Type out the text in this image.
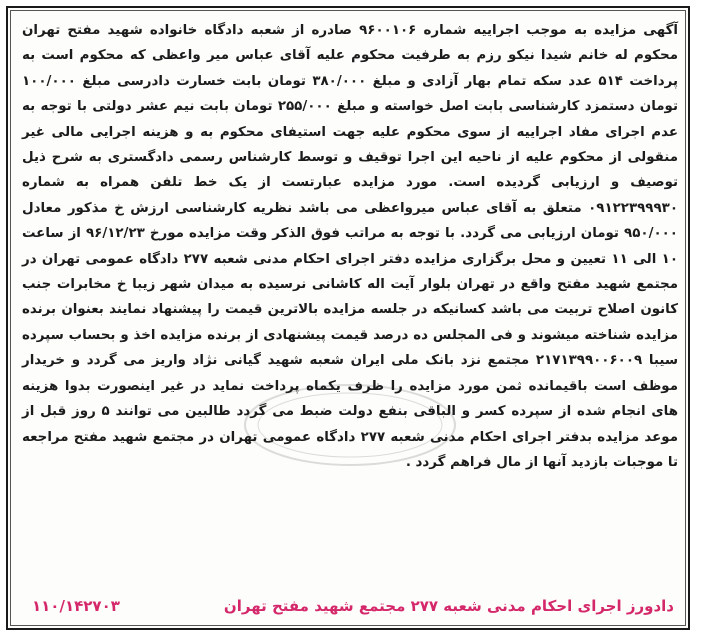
آگهی مزایده به موجب اجراییه شماره ۹۶۰۰۱۰۶ صادره از شعبه دادگاه خانواده شهید مفتح تهران محکوم له خانم شیدا نیکو رزم به طرفیت محکوم علیه آقای عباس میر واعظی که محکوم است به پرداخت ۵۱۴ عدد سکه تمام بهار آزادی و مبلغ ۳۸۰/۰۰۰ تومان بابت خسارت دادرسی مبلغ ۱۰۰/۰۰۰ تومان دستمزد کارشناسی بابت اصل خواسته و مبلغ ۲۵۵/۰۰۰ تومان بابت نیم عشر دولتی با توجه به عدم اجرای مفاد اجراییه از سوی محکوم علیه جهت استیفای محکوم به و هزینه اجرایی مالی غیر منقولی از محکوم علیه از ناحیه این اجرا توقیف و توسط کارشناس رسمی دادگستری به شرح ذیل توصیف و ارزیابی گردیده است. مورد مزایده عبارتست از یک خط تلفن همراه به شماره ۰۹۱۲۲۳۹۹۹۳۰ متعلق به آقای عباس میرواعظی می باشد نظریه کارشناسی ارزش خ مذکور معادل ۹۵۰/۰۰۰ تومان ارزیابی می گردد. با توجه به مراتب فوق الذکر وقت مزایده مورخ ۹۶/۱۲/۲۳ از ساعت ۱۰ الی ۱۱ تعیین و محل برگزاری مزایده دفتر اجرای احکام مدنی شعبه ۲۷۷ دادگاه عمومی تهران در مجتمع شهید مفتح واقع در تهران بلوار آیت اله کاشانی نرسیده به میدان شهر زیبا خ مخابرات جنب کانون اصلاح تربیت می باشد کسانیکه در جلسه مزایده بالاترین قیمت را پیشنهاد نمایند بعنوان برنده مزایده شناخته میشوند و فی المجلس ده درصد قیمت پیشنهادی از برنده مزایده اخذ و بحساب سپرده سیبا ۲۱۷۱۳۹۹۰۰۶۰۰۹ مجتمع نزد بانک ملی ایران شعبه شهید گیانی نژاد واریز می گردد و خریدار موظف است باقیمانده ثمن مورد مزایده را ظرف یکماه پرداخت نماید در غیر اینصورت بدوا هزینه های انجام شده از سپرده کسر و الباقی بنفع دولت ضبط می گردد طالبین می توانند ۵ روز قبل از موعد مزایده بدفتر اجرای احکام مدنی شعبه ۲۷۷ دادگاه عمومی تهران در مجتمع شهید مفتح مراجعه تا موجبات بازدید آنها از مال فراهم گردد .

دادورز اجرای احکام مدنی شعبه ۲۷۷ مجتمع شهید مفتح تهران
۱۱۰/۱۴۲۷۰۳
